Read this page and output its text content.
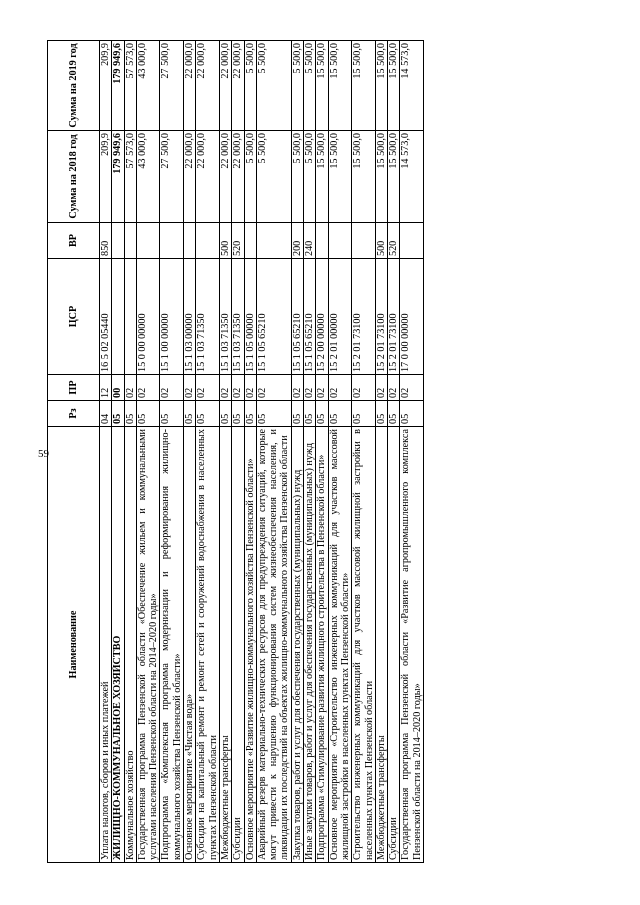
59
Наименование	Рз	ПР	ЦСР	ВР	Сумма на 2018 год	Сумма на 2019 год
Уплата налогов, сборов и иных платежей	04	12	16 5 02 05440	850	209,9	209,9
ЖИЛИЩНО-КОММУНАЛЬНОЕ ХОЗЯЙСТВО	05	00			179 949,6	179 949,6
Коммунальное хозяйство	05	02			57 573,0	57 573,0
Государственная программа Пензенской области «Обеспечение жильем и коммунальными услугами населения Пензенской области на 2014–2020 годы»	05	02	15 0 00 00000		43 000,0	43 000,0
Подпрограмма «Комплексная программа модернизации и реформирования жилищно-коммунального хозяйства Пензенской области»	05	02	15 1 00 00000		27 500,0	27 500,0
Основное мероприятие «Чистая вода»	05	02	15 1 03 00000		22 000,0	22 000,0
Субсидии на капитальный ремонт и ремонт сетей и сооружений водоснабжения в населенных пунктах Пензенской области	05	02	15 1 03 71350		22 000,0	22 000,0
Межбюджетные трансферты	05	02	15 1 03 71350	500	22 000,0	22 000,0
Субсидии	05	02	15 1 03 71350	520	22 000,0	22 000,0
Основное мероприятие «Развитие жилищно-коммунального хозяйства Пензенской области»	05	02	15 1 05 00000		5 500,0	5 500,0
Аварийный резерв материально-технических ресурсов для предупреждения ситуаций, которые могут привести к нарушению функционирования систем жизнеобеспечения населения, и ликвидации их последствий на объектах жилищно-коммунального хозяйства Пензенской области	05	02	15 1 05 65210		5 500,0	5 500,0
Закупка товаров, работ и услуг для обеспечения государственных (муниципальных) нужд	05	02	15 1 05 65210	200	5 500,0	5 500,0
Иные закупки товаров, работ и услуг для обеспечения государственных (муниципальных) нужд	05	02	15 1 05 65210	240	5 500,0	5 500,0
Подпрограмма «Стимулирование развития жилищного строительства в Пензенской области»	05	02	15 2 00 00000		15 500,0	15 500,0
Основное мероприятие «Строительство инженерных коммуникаций для участков массовой жилищной застройки в населенных пунктах Пензенской области»	05	02	15 2 01 00000		15 500,0	15 500,0
Строительство инженерных коммуникаций для участков массовой жилищной застройки в населенных пунктах Пензенской области	05	02	15 2 01 73100		15 500,0	15 500,0
Межбюджетные трансферты	05	02	15 2 01 73100	500	15 500,0	15 500,0
Субсидии	05	02	15 2 01 73100	520	15 500,0	15 500,0
Государственная программа Пензенской области «Развитие агропромышленного комплекса Пензенской области на 2014–2020 годы»	05	02	17 0 00 00000		14 573,0	14 573,0
